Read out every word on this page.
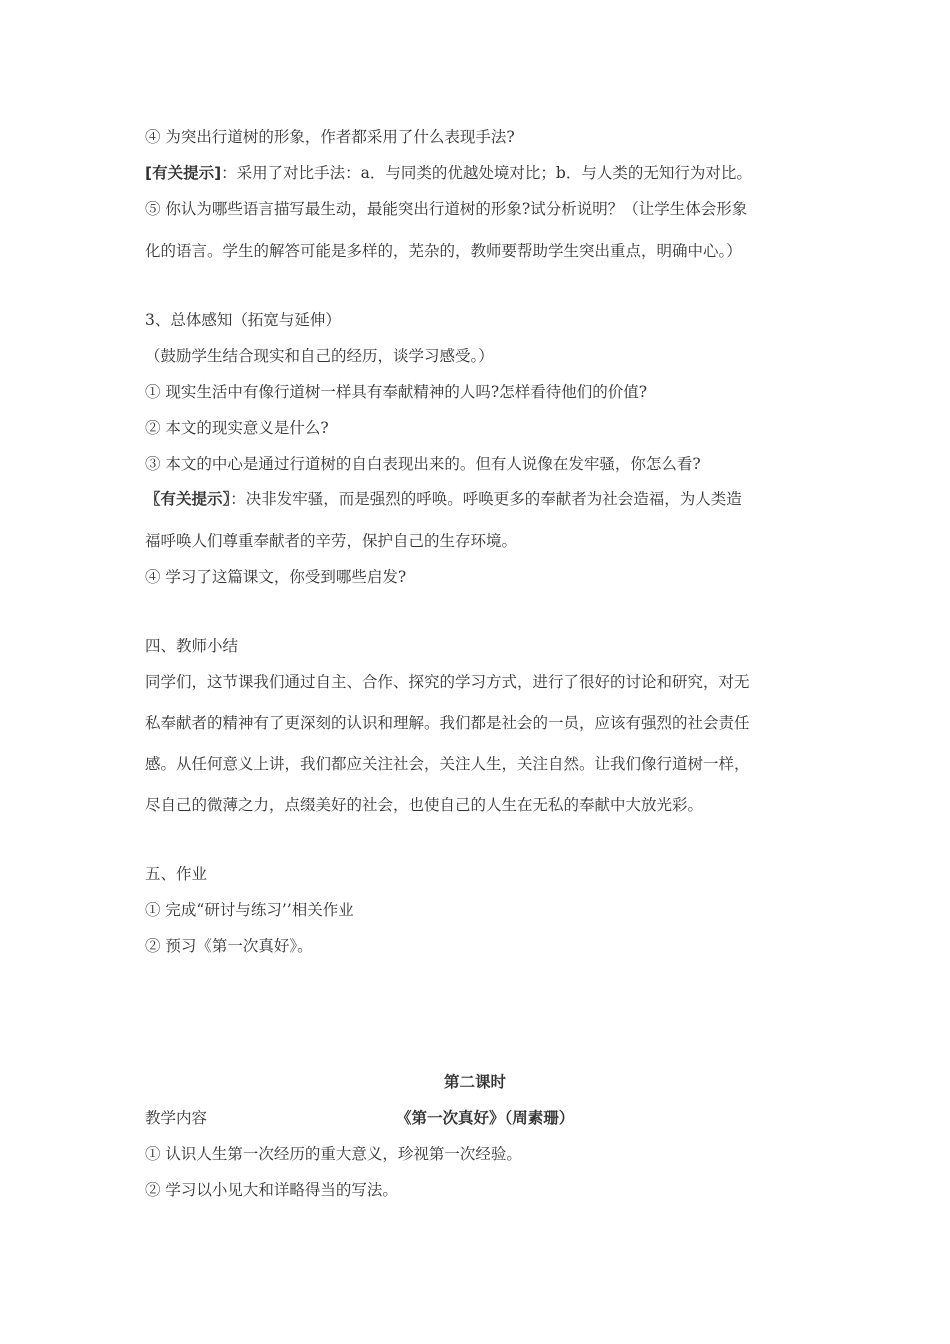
④ 为突出行道树的形象，作者都采用了什么表现手法?
[有关提示]：采用了对比手法：a．与同类的优越处境对比；b．与人类的无知行为对比。
⑤ 你认为哪些语言描写最生动，最能突出行道树的形象?试分析说明？（让学生体会形象
化的语言。学生的解答可能是多样的，芜杂的，教师要帮助学生突出重点，明确中心。）
3、总体感知（拓宽与延伸）
（鼓励学生结合现实和自己的经历，谈学习感受。）
① 现实生活中有像行道树一样具有奉献精神的人吗?怎样看待他们的价值?
② 本文的现实意义是什么?
③ 本文的中心是通过行道树的自白表现出来的。但有人说像在发牢骚，你怎么看?
〖有关提示〗：决非发牢骚，而是强烈的呼唤。呼唤更多的奉献者为社会造福，为人类造
福呼唤人们尊重奉献者的辛劳，保护自己的生存环境。
④ 学习了这篇课文，你受到哪些启发?
四、教师小结
同学们，这节课我们通过自主、合作、探究的学习方式，进行了很好的讨论和研究，对无
私奉献者的精神有了更深刻的认识和理解。我们都是社会的一员，应该有强烈的社会责任
感。从任何意义上讲，我们都应关注社会，关注人生，关注自然。让我们像行道树一样，
尽自己的微薄之力，点缀美好的社会，也使自己的人生在无私的奉献中大放光彩。
五、作业
① 完成“研讨与练习’’相关作业
② 预习《第一次真好》。
第二课时
教学内容	《第一次真好》（周素珊）
① 认识人生第一次经历的重大意义，珍视第一次经验。
② 学习以小见大和详略得当的写法。
